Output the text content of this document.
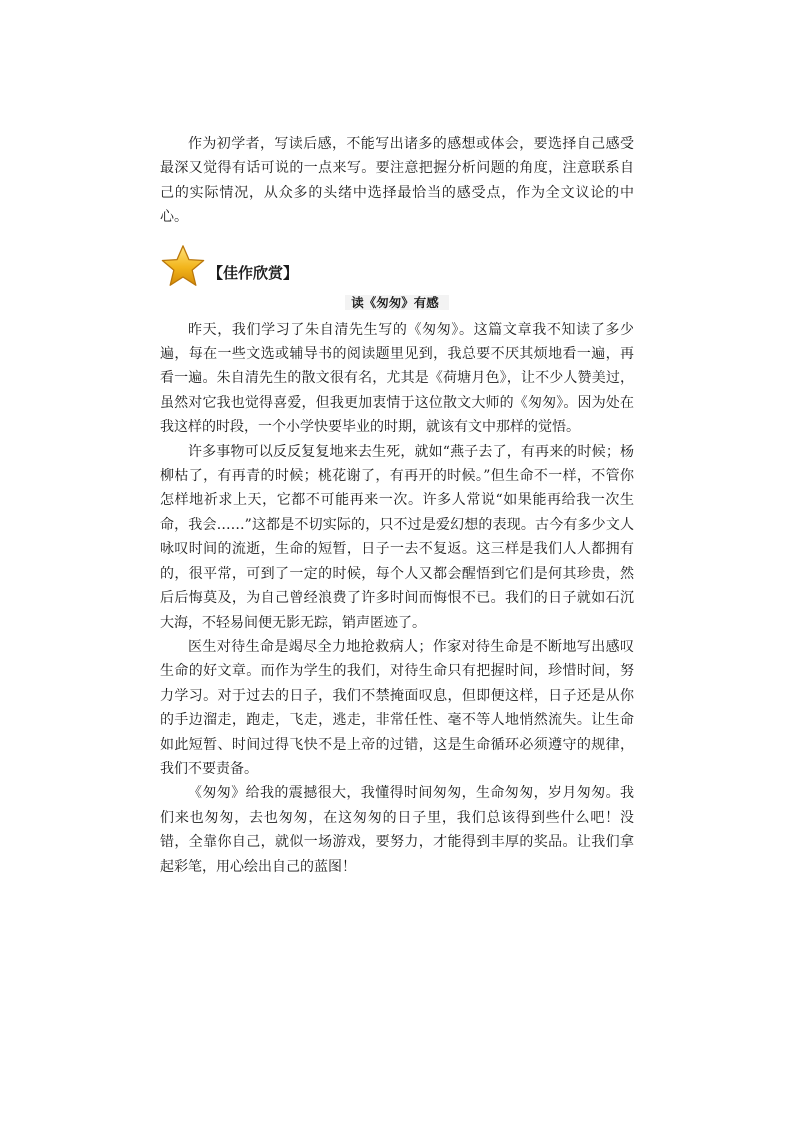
作为初学者，写读后感，不能写出诸多的感想或体会，要选择自己感受最深又觉得有话可说的一点来写。要注意把握分析问题的角度，注意联系自己的实际情况，从众多的头绪中选择最恰当的感受点，作为全文议论的中心。

【佳作欣赏】
读《匆匆》有感

昨天，我们学习了朱自清先生写的《匆匆》。这篇文章我不知读了多少遍，每在一些文选或辅导书的阅读题里见到，我总要不厌其烦地看一遍，再看一遍。朱自清先生的散文很有名，尤其是《荷塘月色》，让不少人赞美过，虽然对它我也觉得喜爱，但我更加衷情于这位散文大师的《匆匆》。因为处在我这样的时段，一个小学快要毕业的时期，就该有文中那样的觉悟。

许多事物可以反反复复地来去生死，就如“燕子去了，有再来的时候；杨柳枯了，有再青的时候；桃花谢了，有再开的时候。”但生命不一样，不管你怎样地祈求上天，它都不可能再来一次。许多人常说“如果能再给我一次生命，我会……”这都是不切实际的，只不过是爱幻想的表现。古今有多少文人咏叹时间的流逝，生命的短暂，日子一去不复返。这三样是我们人人都拥有的，很平常，可到了一定的时候，每个人又都会醒悟到它们是何其珍贵，然后后悔莫及，为自己曾经浪费了许多时间而悔恨不已。我们的日子就如石沉大海，不轻易间便无影无踪，销声匿迹了。

医生对待生命是竭尽全力地抢救病人；作家对待生命是不断地写出感叹生命的好文章。而作为学生的我们，对待生命只有把握时间，珍惜时间，努力学习。对于过去的日子，我们不禁掩面叹息，但即便这样，日子还是从你的手边溜走，跑走，飞走，逃走，非常任性、毫不等人地悄然流失。让生命如此短暂、时间过得飞快不是上帝的过错，这是生命循环必须遵守的规律，我们不要责备。

《匆匆》给我的震撼很大，我懂得时间匆匆，生命匆匆，岁月匆匆。我们来也匆匆，去也匆匆，在这匆匆的日子里，我们总该得到些什么吧！没错，全靠你自己，就似一场游戏，要努力，才能得到丰厚的奖品。让我们拿起彩笔，用心绘出自己的蓝图！
